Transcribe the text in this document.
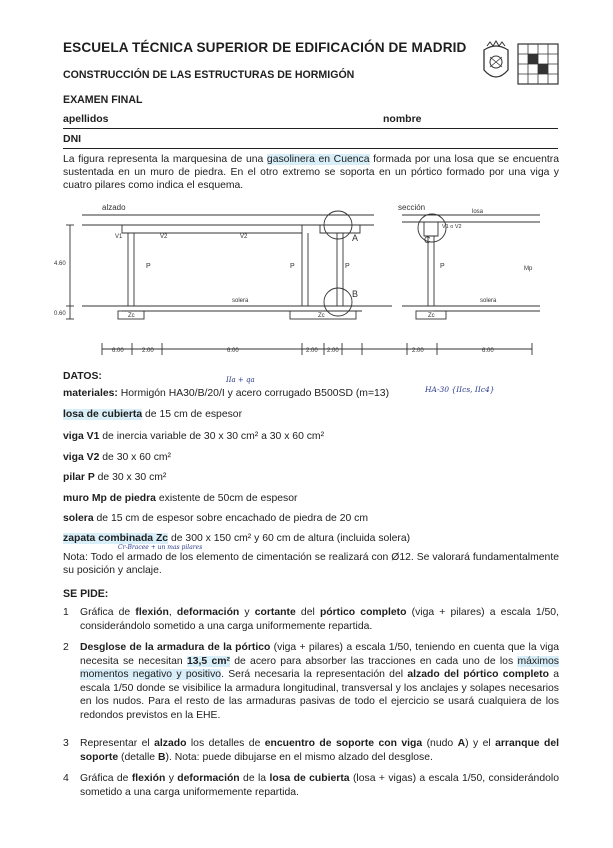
ESCUELA TÉCNICA SUPERIOR DE EDIFICACIÓN DE MADRID
CONSTRUCCIÓN DE LAS ESTRUCTURAS DE HORMIGÓN
EXAMEN FINAL
apellidos	nombre
DNI
La figura representa la marquesina de una gasolinera en Cuenca formada por una losa que se encuentra sustentada en un muro de piedra. En el otro extremo se soporta en un pórtico formado por una viga y cuatro pilares como indica el esquema.
alzado	sección	losa
V1	V2	V2
V1 o V2
P	P	P	P
A
B
C
Mp
solera	solera
Zc	Zc	Zc
4.60
0.60
6.00	2.00	6.00	2.00 2.00	2.00	6.00
DATOS:	IIa + qa
materiales: Hormigón HA30/B/20/I y acero corrugado B500SD (m=13)	HA-30 {IIcs, IIc4}
losa de cubierta de 15 cm de espesor
viga V1 de inercia variable de 30 x 30 cm² a 30 x 60 cm²
viga V2 de 30 x 60 cm²
pilar P de 30 x 30 cm²
muro Mp de piedra existente de 50cm de espesor
solera de 15 cm de espesor sobre encachado de piedra de 20 cm
zapata combinada Zc de 300 x 150 cm² y 60 cm de altura (incluida solera)
Cr-Bracee + un mas pilares
Nota: Todo el armado de los elemento de cimentación se realizará con Ø12. Se valorará fundamentalmente su posición y anclaje.
SE PIDE:
1 Gráfica de flexión, deformación y cortante del pórtico completo (viga + pilares) a escala 1/50, considerándolo sometido a una carga uniformemente repartida.
2 Desglose de la armadura de la pórtico (viga + pilares) a escala 1/50, teniendo en cuenta que la viga necesita se necesitan 13,5 cm² de acero para absorber las tracciones en cada uno de los máximos momentos negativo y positivo. Será necesaria la representación del alzado del pórtico completo a escala 1/50 donde se visibilice la armadura longitudinal, transversal y los anclajes y solapes necesarios en los nudos. Para el resto de las armaduras pasivas de todo el ejercicio se usará cualquiera de los redondos previstos en la EHE.
3 Representar el alzado los detalles de encuentro de soporte con viga (nudo A) y el arranque del soporte (detalle B). Nota: puede dibujarse en el mismo alzado del desglose.
4 Gráfica de flexión y deformación de la losa de cubierta (losa + vigas) a escala 1/50, considerándolo sometido a una carga uniformemente repartida.
